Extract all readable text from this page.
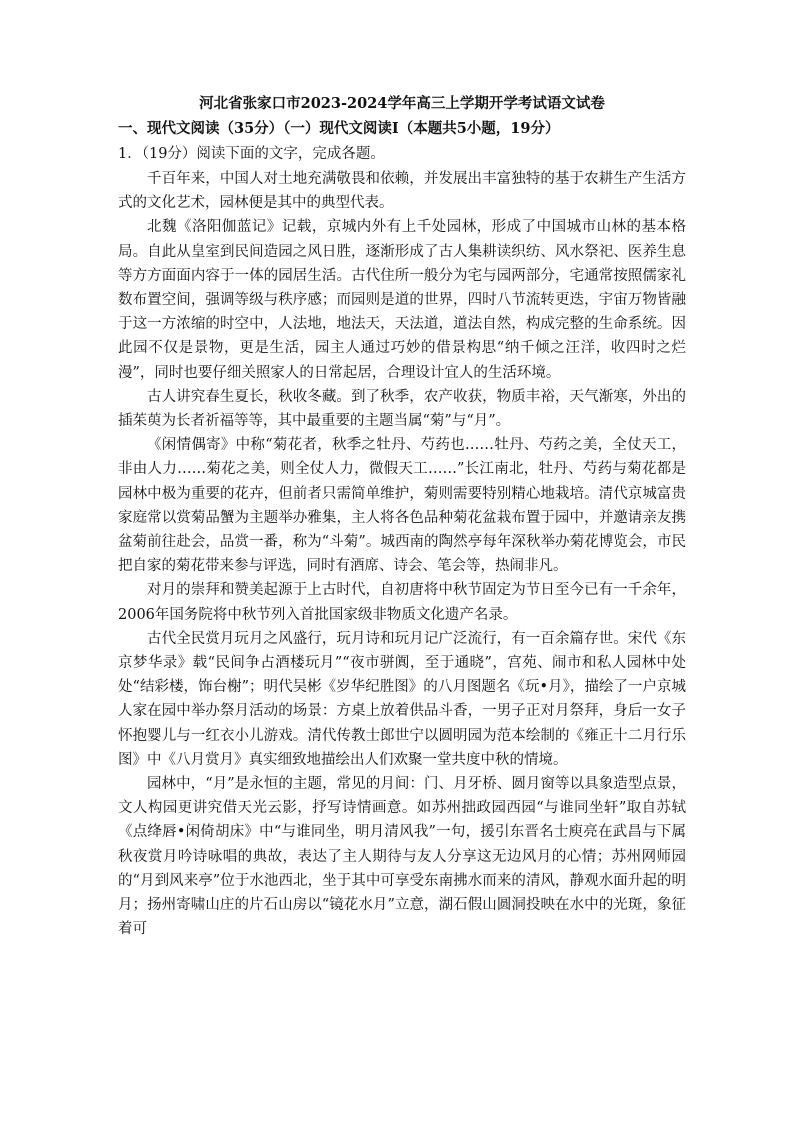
河北省张家口市2023-2024学年高三上学期开学考试语文试卷
一、现代文阅读（35分）（一）现代文阅读Ⅰ（本题共5小题，19分）
1．（19分）阅读下面的文字，完成各题。

千百年来，中国人对土地充满敬畏和依赖，并发展出丰富独特的基于农耕生产生活方式的文化艺术，园林便是其中的典型代表。

北魏《洛阳伽蓝记》记载，京城内外有上千处园林，形成了中国城市山林的基本格局。自此从皇室到民间造园之风日胜，逐渐形成了古人集耕读织纺、风水祭祀、医养生息等方方面面内容于一体的园居生活。古代住所一般分为宅与园两部分，宅通常按照儒家礼数布置空间，强调等级与秩序感；而园则是道的世界，四时八节流转更迭，宇宙万物皆融于这一方浓缩的时空中，人法地，地法天，天法道，道法自然，构成完整的生命系统。因此园不仅是景物，更是生活，园主人通过巧妙的借景构思“纳千倾之汪洋，收四时之烂漫”，同时也要仔细关照家人的日常起居，合理设计宜人的生活环境。

古人讲究春生夏长，秋收冬藏。到了秋季，农产收获，物质丰裕，天气渐寒，外出的插茱萸为长者祈福等等，其中最重要的主题当属“菊”与“月”。

《闲情偶寄》中称“菊花者，秋季之牡丹、芍药也……牡丹、芍药之美，全仗天工，非由人力……菊花之美，则全仗人力，微假天工……”长江南北，牡丹、芍药与菊花都是园林中极为重要的花卉，但前者只需简单维护，菊则需要特别精心地栽培。清代京城富贵家庭常以赏菊品蟹为主题举办雅集，主人将各色品种菊花盆栽布置于园中，并邀请亲友携盆菊前往赴会，品赏一番，称为“斗菊”。城西南的陶然亭每年深秋举办菊花博览会，市民把自家的菊花带来参与评选，同时有酒席、诗会、笔会等，热闹非凡。

对月的崇拜和赞美起源于上古时代，自初唐将中秋节固定为节日至今已有一千余年，2006年国务院将中秋节列入首批国家级非物质文化遗产名录。

古代全民赏月玩月之风盛行，玩月诗和玩月记广泛流行，有一百余篇存世。宋代《东京梦华录》载“民间争占酒楼玩月”“夜市骈阗，至于通晓”，宫苑、闹市和私人园林中处处“结彩楼，饰台榭”；明代吴彬《岁华纪胜图》的八月图题名《玩•月》，描绘了一户京城人家在园中举办祭月活动的场景：方桌上放着供品斗香，一男子正对月祭拜，身后一女子怀抱婴儿与一红衣小儿游戏。清代传教士郎世宁以圆明园为范本绘制的《雍正十二月行乐图》中《八月赏月》真实细致地描绘出人们欢聚一堂共度中秋的情境。

园林中，“月”是永恒的主题，常见的月间：门、月牙桥、圆月窗等以具象造型点景，文人构园更讲究借天光云影，抒写诗情画意。如苏州拙政园西园“与谁同坐轩”取自苏轼《点绛唇•闲倚胡床》中“与谁同坐，明月清风我”一句，援引东晋名士庾亮在武昌与下属秋夜赏月吟诗咏唱的典故，表达了主人期待与友人分享这无边风月的心情；苏州网师园的“月到风来亭”位于水池西北，坐于其中可享受东南拂水而来的清风，静观水面升起的明月；扬州寄啸山庄的片石山房以“镜花水月”立意，湖石假山圆洞投映在水中的光斑，象征着可
